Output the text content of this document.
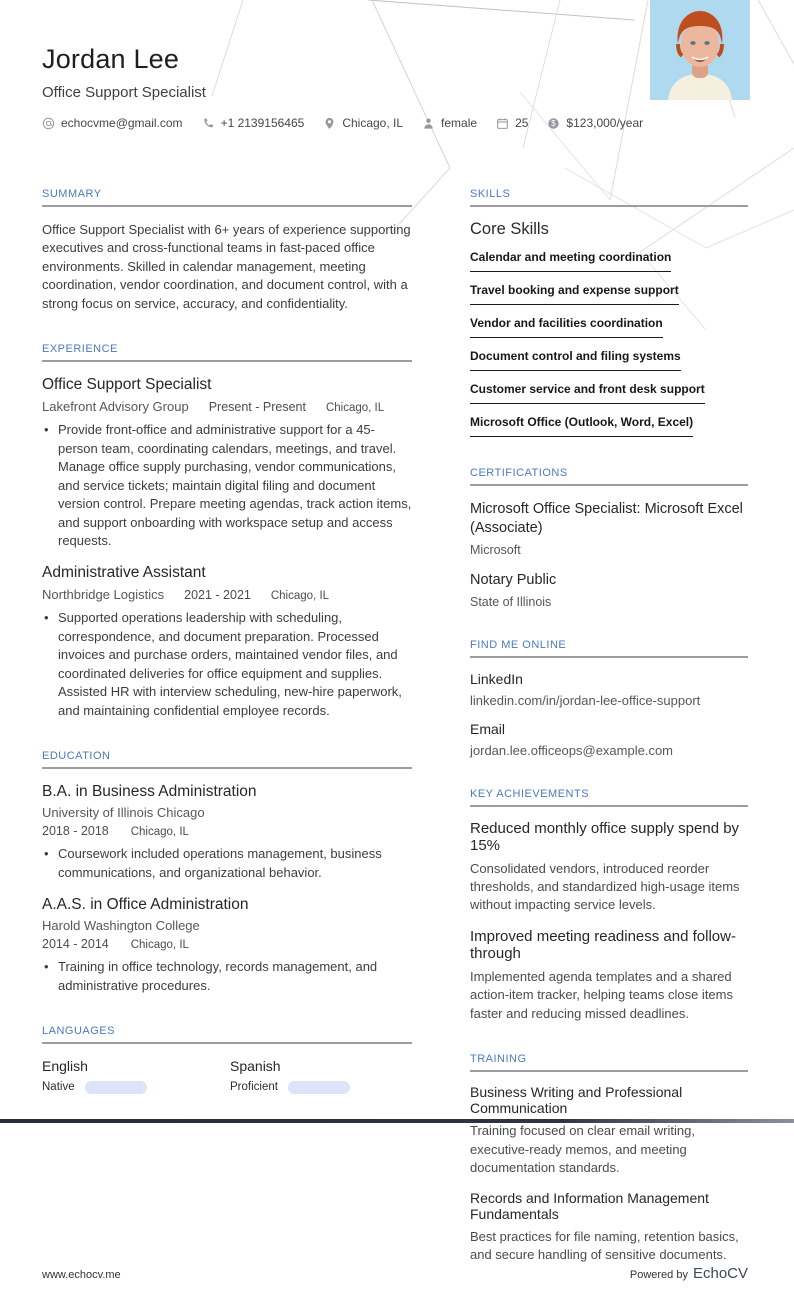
Jordan Lee
Office Support Specialist
echocvme@gmail.com	+1 2139156465	Chicago, IL	female	25	$ $123,000/year
SUMMARY
Office Support Specialist with 6+ years of experience supporting executives and cross-functional teams in fast-paced office environments. Skilled in calendar management, meeting coordination, vendor coordination, and document control, with a strong focus on service, accuracy, and confidentiality.
EXPERIENCE
Office Support Specialist
Lakefront Advisory Group Present - Present Chicago, IL
• Provide front-office and administrative support for a 45-person team, coordinating calendars, meetings, and travel. Manage office supply purchasing, vendor communications, and service tickets; maintain digital filing and document version control. Prepare meeting agendas, track action items, and support onboarding with workspace setup and access requests.
Administrative Assistant
Northbridge Logistics 2021 - 2021 Chicago, IL
• Supported operations leadership with scheduling, correspondence, and document preparation. Processed invoices and purchase orders, maintained vendor files, and coordinated deliveries for office equipment and supplies. Assisted HR with interview scheduling, new-hire paperwork, and maintaining confidential employee records.
EDUCATION
B.A. in Business Administration
University of Illinois Chicago
2018 - 2018 Chicago, IL
• Coursework included operations management, business communications, and organizational behavior.
A.A.S. in Office Administration
Harold Washington College
2014 - 2014 Chicago, IL
• Training in office technology, records management, and administrative procedures.
LANGUAGES
English
Native
Spanish
Proficient
SKILLS
Core Skills
Calendar and meeting coordination
Travel booking and expense support
Vendor and facilities coordination
Document control and filing systems
Customer service and front desk support
Microsoft Office (Outlook, Word, Excel)
CERTIFICATIONS
Microsoft Office Specialist: Microsoft Excel (Associate)
Microsoft
Notary Public
State of Illinois
FIND ME ONLINE
LinkedIn
linkedin.com/in/jordan-lee-office-support
Email
jordan.lee.officeops@example.com
KEY ACHIEVEMENTS
Reduced monthly office supply spend by 15%
Consolidated vendors, introduced reorder thresholds, and standardized high-usage items without impacting service levels.
Improved meeting readiness and follow-through
Implemented agenda templates and a shared action-item tracker, helping teams close items faster and reducing missed deadlines.
TRAINING
Business Writing and Professional Communication
Training focused on clear email writing, executive-ready memos, and meeting documentation standards.
Records and Information Management Fundamentals
Best practices for file naming, retention basics, and secure handling of sensitive documents.
www.echocv.me	Powered by EchoCV
